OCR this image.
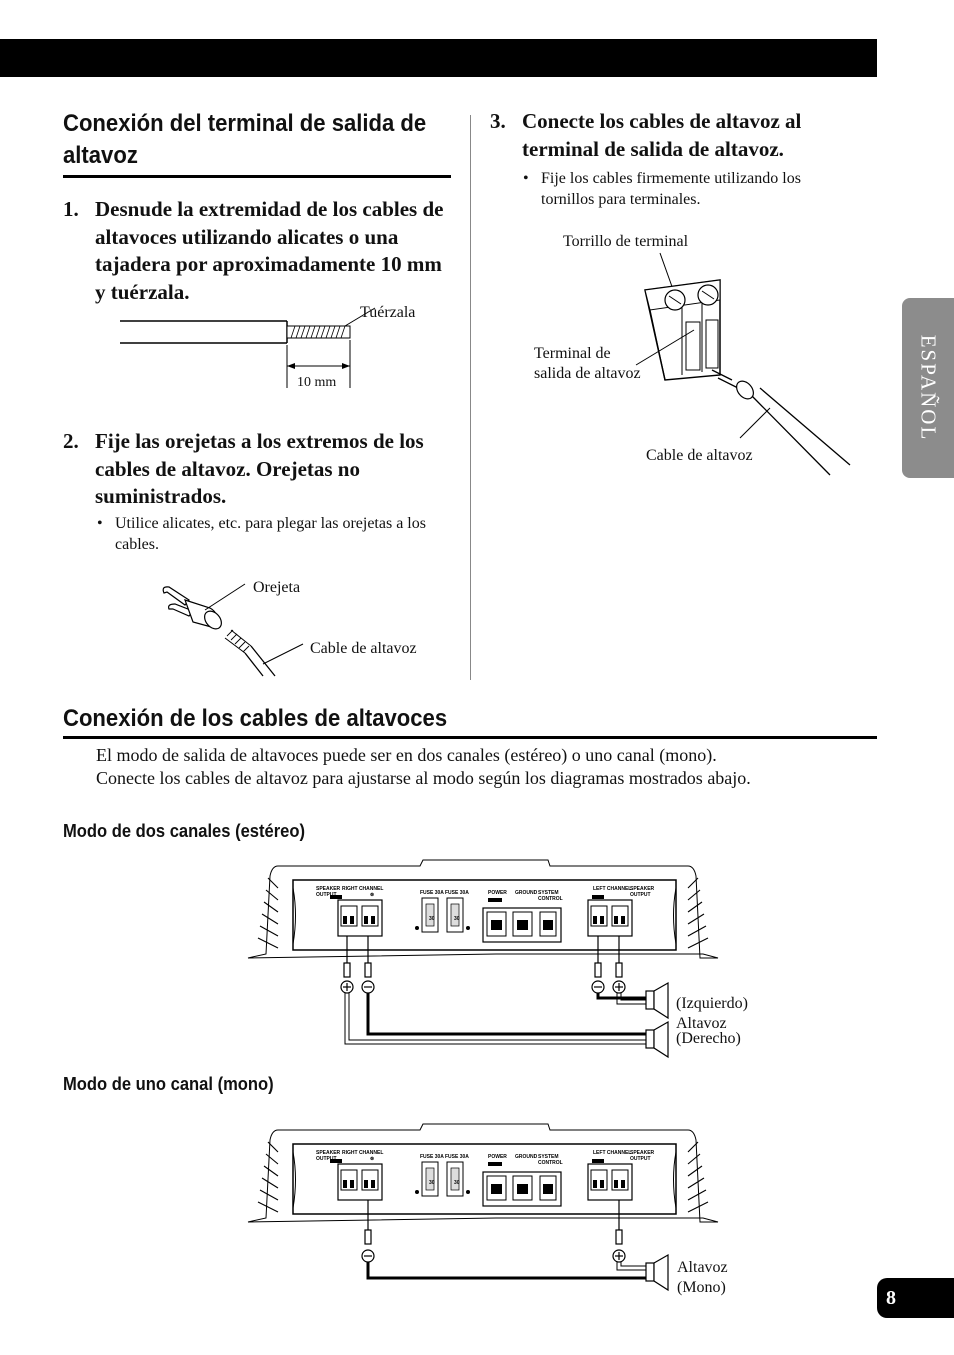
Conexión del terminal de salida de altavoz
1. Desnude la extremidad de los cables de altavoces utilizando alicates o una tajadera por aproximadamente 10 mm y tuérzala.
Tuérzala
10 mm
2. Fije las orejetas a los extremos de los cables de altavoz. Orejetas no suministrados.
• Utilice alicates, etc. para plegar las orejetas a los cables.
Orejeta
Cable de altavoz
3. Conecte los cables de altavoz al terminal de salida de altavoz.
• Fije los cables firmemente utilizando los tornillos para terminales.
Torrillo de terminal
Terminal de
salida de altavoz
Cable de altavoz
ESPAÑOL
Conexión de los cables de altavoces
El modo de salida de altavoces puede ser en dos canales (estéreo) o uno canal (mono).
Conecte los cables de altavoz para ajustarse al modo según los diagramas mostrados abajo.
Modo de dos canales (estéreo)
⊗
30	30
SPEAKER
OUTPUT
RIGHT CHANNEL
FUSE 30A FUSE 30A	POWER GROUND SYSTEM
CONTROL
LEFT CHANNEL
SPEAKER
OUTPUT
(Izquierdo)
Altavoz
(Derecho)
Modo de uno canal (mono)
⊗
30	30
SPEAKER
OUTPUT
RIGHT CHANNEL
FUSE 30A FUSE 30A	POWER GROUND SYSTEM
CONTROL
LEFT CHANNEL
SPEAKER
OUTPUT
Altavoz
(Mono)	8
